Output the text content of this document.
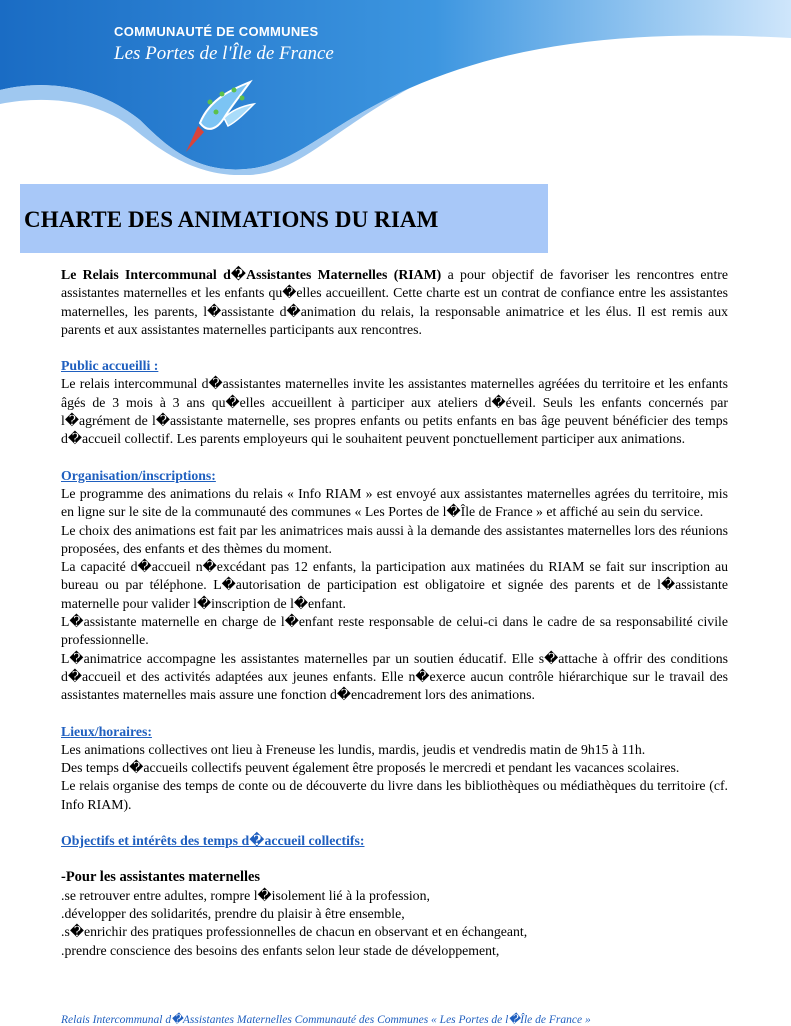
COMMUNAUTÉ DE COMMUNES
Les Portes de l'Île de France
CHARTE DES ANIMATIONS DU RIAM

Le Relais Intercommunal d�Assistantes Maternelles (RIAM) a pour objectif de favoriser les rencontres entre assistantes maternelles et les enfants qu�elles accueillent. Cette charte est un contrat de confiance entre les assistantes maternelles, les parents, l�assistante d�animation du relais, la responsable animatrice et les élus. Il est remis aux parents et aux assistantes maternelles participants aux rencontres.

Public accueilli :

Le relais intercommunal d�assistantes maternelles invite les assistantes maternelles agréées du territoire et les enfants âgés de 3 mois à 3 ans qu�elles accueillent à participer aux ateliers d�éveil. Seuls les enfants concernés par l�agrément de l�assistante maternelle, ses propres enfants ou petits enfants en bas âge peuvent bénéficier des temps d�accueil collectif. Les parents employeurs qui le souhaitent peuvent ponctuellement participer aux animations.

Organisation/inscriptions:

Le programme des animations du relais « Info RIAM » est envoyé aux assistantes maternelles agrées du territoire, mis en ligne sur le site de la communauté des communes « Les Portes de l�Île de France » et affiché au sein du service.

Le choix des animations est fait par les animatrices mais aussi à la demande des assistantes maternelles lors des réunions proposées, des enfants et des thèmes du moment.

La capacité d�accueil n�excédant pas 12 enfants, la participation aux matinées du RIAM se fait sur inscription au bureau ou par téléphone. L�autorisation de participation est obligatoire et signée des parents et de l�assistante maternelle pour valider l�inscription de l�enfant.

L�assistante maternelle en charge de l�enfant reste responsable de celui-ci dans le cadre de sa responsabilité civile professionnelle.

L�animatrice accompagne les assistantes maternelles par un soutien éducatif. Elle s�attache à offrir des conditions d�accueil et des activités adaptées aux jeunes enfants. Elle n�exerce aucun contrôle hiérarchique sur le travail des assistantes maternelles mais assure une fonction d�encadrement lors des animations.

Lieux/horaires:

Les animations collectives ont lieu à Freneuse les lundis, mardis, jeudis et vendredis matin de 9h15 à 11h.

Des temps d�accueils collectifs peuvent également être proposés le mercredi et pendant les vacances scolaires.

Le relais organise des temps de conte ou de découverte du livre dans les bibliothèques ou médiathèques du territoire (cf. Info RIAM).

Objectifs et intérêts des temps d�accueil collectifs:
-Pour les assistantes maternelles

.se retrouver entre adultes, rompre l�isolement lié à la profession,

.développer des solidarités, prendre du plaisir à être ensemble,

.s�enrichir des pratiques professionnelles de chacun en observant et en échangeant,

.prendre conscience des besoins des enfants selon leur stade de développement,

Relais Intercommunal d�Assistantes Maternelles Communauté des Communes « Les Portes de l�Île de France »
